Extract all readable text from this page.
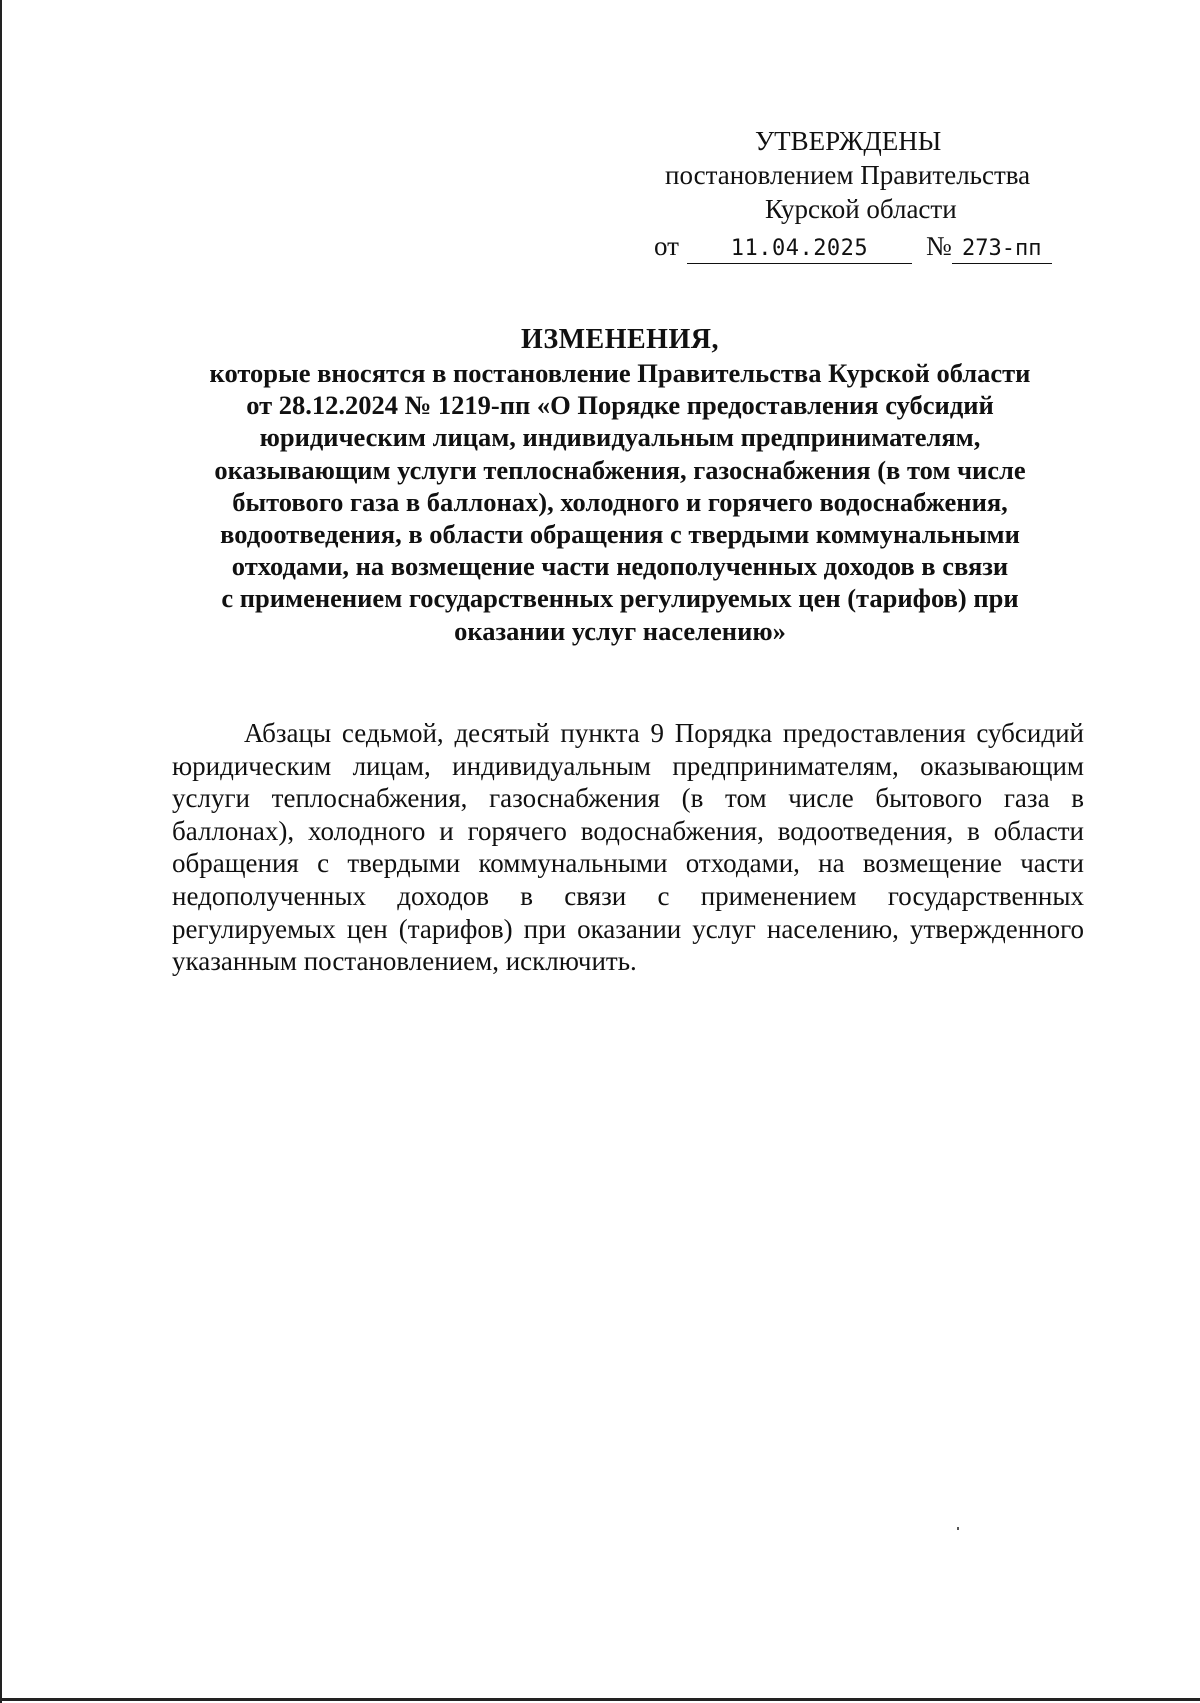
УТВЕРЖДЕНЫ
постановлением Правительства
Курской области
от	11.04.2025	№ 273-пп
ИЗМЕНЕНИЯ,
которые вносятся в постановление Правительства Курской области
от 28.12.2024 № 1219-пп «О Порядке предоставления субсидий
юридическим лицам, индивидуальным предпринимателям,
оказывающим услуги теплоснабжения, газоснабжения (в том числе
бытового газа в баллонах), холодного и горячего водоснабжения,
водоотведения, в области обращения с твердыми коммунальными
отходами, на возмещение части недополученных доходов в связи
с применением государственных регулируемых цен (тарифов) при
оказании услуг населению»
Абзацы седьмой, десятый пункта 9 Порядка предоставления субсидий
юридическим лицам, индивидуальным предпринимателям, оказывающим
услуги теплоснабжения, газоснабжения (в том числе бытового газа в
баллонах), холодного и горячего водоснабжения, водоотведения, в области
обращения с твердыми коммунальными отходами, на возмещение части
недополученных доходов в связи с применением государственных
регулируемых цен (тарифов) при оказании услуг населению, утвержденного
указанным постановлением, исключить.
